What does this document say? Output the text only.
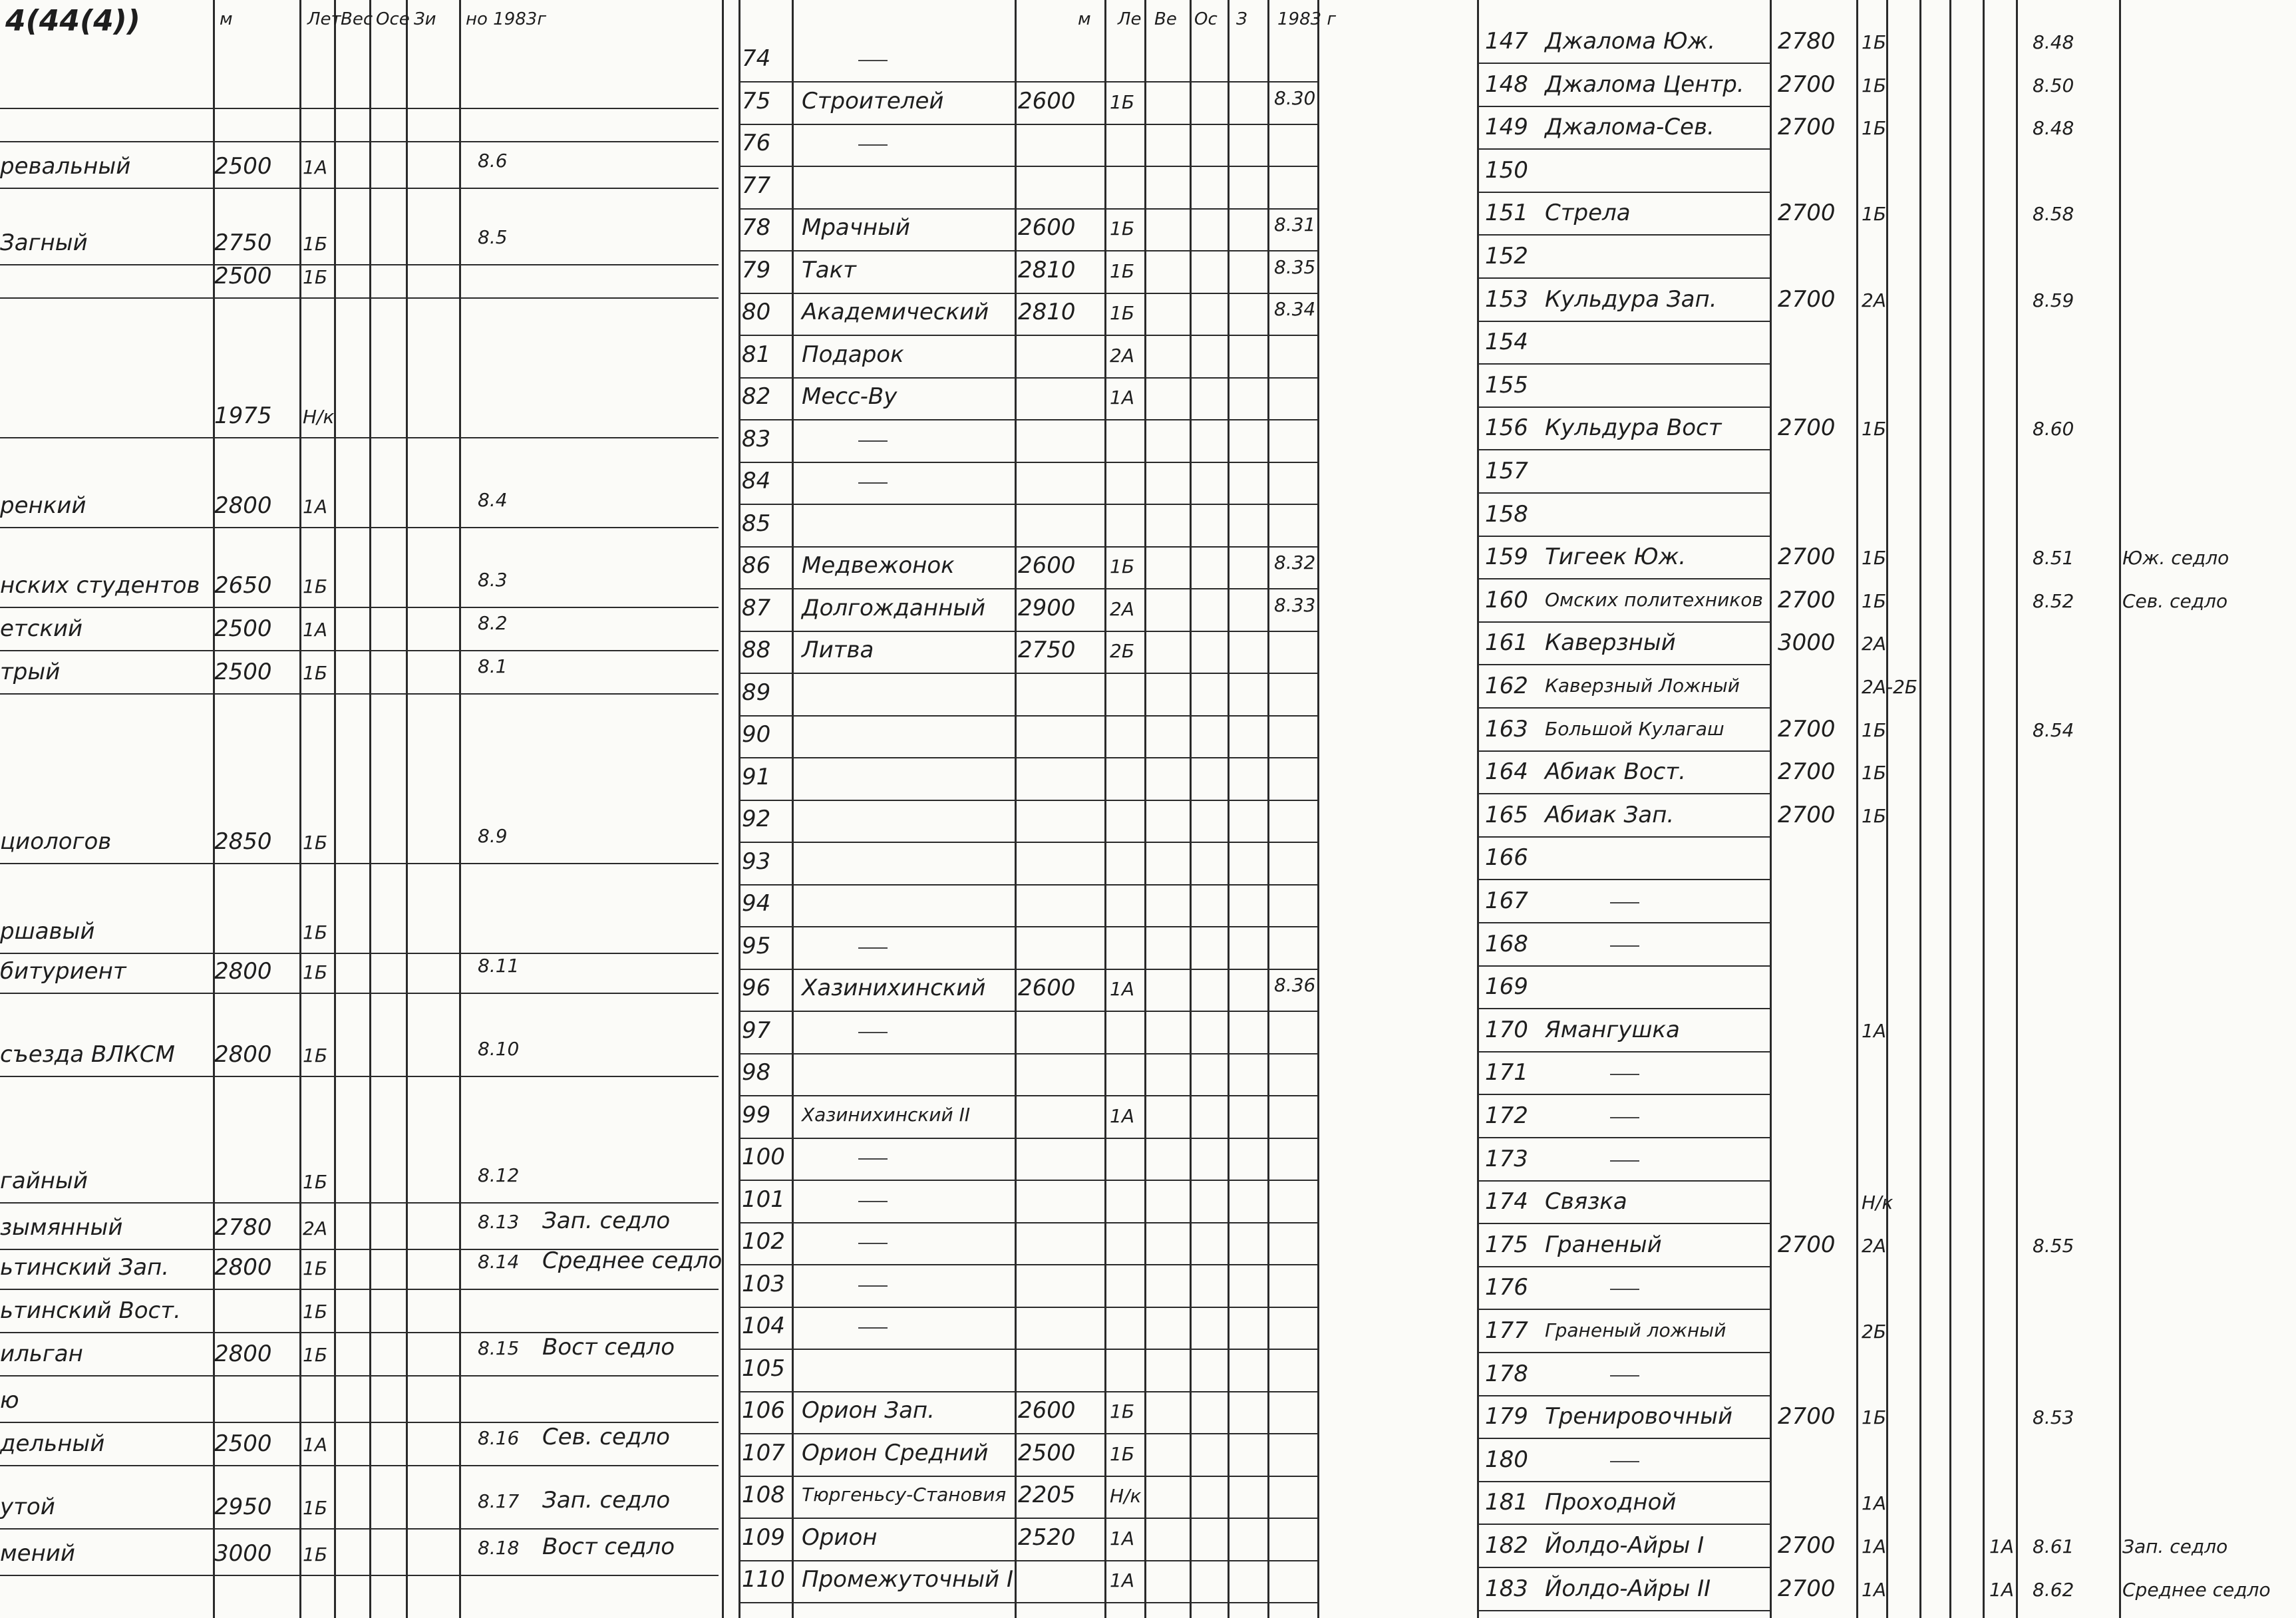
4(44(4))	м	Лет Вес Осе Зи но 1983г	м Ле Ве Ос З 1983 г
ревальный	2500 1А	8.6
Загный	2750 1Б	8.5
2500 1Б
1975 Н/к
ренкий	2800 1А	8.4
нских студентов 2650 1Б	8.3
етский	2500 1А	8.2
трый	2500 1Б	8.1
циологов	2850 1Б	8.9
ршавый	1Б
битуриент	2800 1Б	8.11
съезда ВЛКСМ 2800 1Б	8.10
гайный	1Б	8.12
зымянный	2780 2А	8.13 Зап. седло
ьтинский Зап. 2800 1Б	8.14 Среднее седло
ьтинский Вост.	1Б
ильган	2800 1Б	8.15 Вост седло
ю
дельный	2500 1А	8.16 Сев. седло
утой	2950 1Б	8.17 Зап. седло
мений	3000 1Б	8.18 Вост седло
74
75 Строителей	2600 1Б	8.30
76
77
78 Мрачный	2600 1Б	8.31
79 Такт	2810 1Б	8.35
80 Академический 2810 1Б	8.34
81 Подарок	2А
82 Месс-Ву	1А
83
84
85
86 Медвежонок	2600 1Б	8.32
87 Долгожданный 2900 2А	8.33
88 Литва	2750 2Б
89
90
91
92
93
94
95
96 Хазиниxинский 2600 1А	8.36
97
98
99 Хазиниxинский II	1А
100
101
102
103
104
105
106 Орион Зап.	2600 1Б
107 Орион Средний 2500 1Б
108 Тюргеньсу-Становия 2205 Н/к
109 Орион	2520 1А
110 Промежуточный I	1А
147 Джалома Юж.	2780 1Б	8.48
148 Джалома Центр. 2700 1Б	8.50
149 Джалома-Сев.	2700 1Б	8.48
150
151 Стрела	2700 1Б	8.58
152
153 Кульдура Зап.	2700 2А	8.59
154
155
156 Кульдура Вост 2700 1Б	8.60
157
158
159 Тигеек Юж.	2700 1Б	8.51	Юж. седло
160 Омских политехников 2700 1Б	8.52	Сев. седло
161 Каверзный	3000 2А
162 Каверзный Ложный	2А-2Б
163 Большой Кулагаш 2700 1Б	8.54
164 Абиак Вост.	2700 1Б
165 Абиак Зап.	2700 1Б
166
167
168
169
170 Ямангушка	1А
171
172
173
174 Связка	Н/к
175 Граненый	2700 2А	8.55
176
177 Граненый ложный	2Б
178
179 Тренировочный 2700 1Б	8.53
180
181 Проходной	1А
182 Йолдо-Айры I	2700 1А	1А 8.61	Зап. седло
183 Йолдо-Айры II	2700 1А	1А 8.62	Среднее седло
